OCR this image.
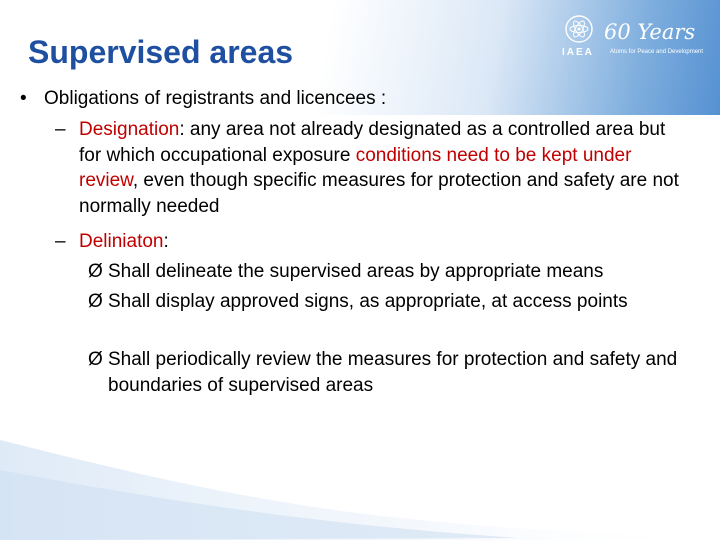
Supervised areas	IAEA
60 Years
Atoms for Peace and Development
• Obligations of registrants and licencees :
– Designation: any area not already designated as a controlled area but for which occupational exposure conditions need to be kept under review, even though specific measures for protection and safety are not normally needed
– Deliniaton:
Ø Shall delineate the supervised areas by appropriate means
Ø Shall display approved signs, as appropriate, at access points
Ø Shall periodically review the measures for protection and safety and boundaries of supervised areas
